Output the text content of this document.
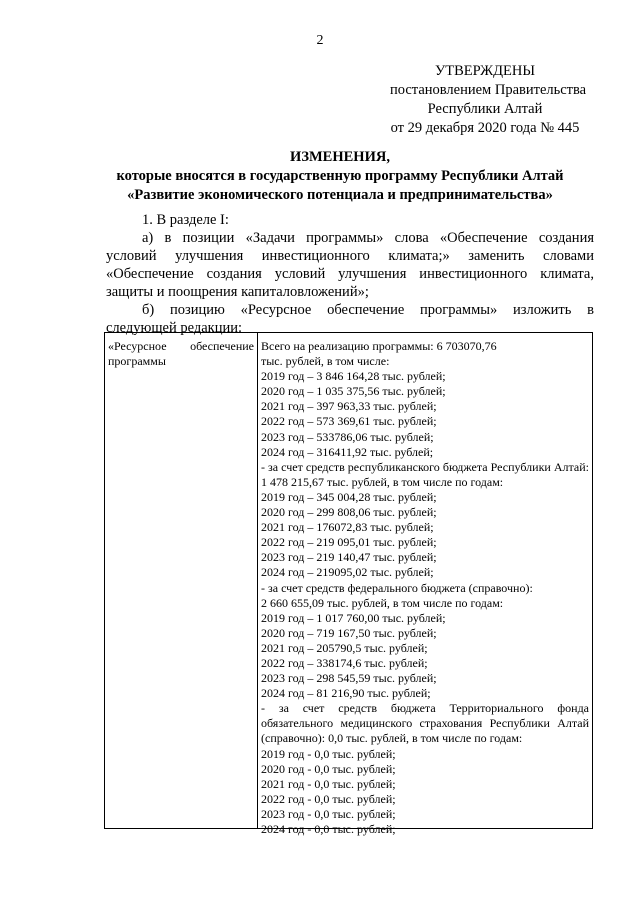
2
УТВЕРЖДЕНЫ
постановлением Правительства
Республики Алтай
от 29 декабря 2020 года № 445
ИЗМЕНЕНИЯ,
которые вносятся в государственную программу Республики Алтай
«Развитие экономического потенциала и предпринимательства»

1. В разделе I:

а) в позиции «Задачи программы» слова «Обеспечение создания условий улучшения инвестиционного климата;» заменить словами «Обеспечение создания условий улучшения инвестиционного климата, защиты и поощрения капиталовложений»;

б) позицию «Ресурсное обеспечение программы» изложить в следующей редакции:

«Ресурсное обеспечение программы
Всего на реализацию программы: 6 703070,76
тыс. рублей, в том числе:
2019 год – 3 846 164,28 тыс. рублей;
2020 год – 1 035 375,56 тыс. рублей;
2021 год – 397 963,33 тыс. рублей;
2022 год – 573 369,61 тыс. рублей;
2023 год – 533786,06 тыс. рублей;
2024 год – 316411,92 тыс. рублей;
- за счет средств республиканского бюджета Республики Алтай: 1 478 215,67 тыс. рублей, в том числе по годам:
2019 год – 345 004,28 тыс. рублей;
2020 год – 299 808,06 тыс. рублей;
2021 год – 176072,83 тыс. рублей;
2022 год – 219 095,01 тыс. рублей;
2023 год – 219 140,47 тыс. рублей;
2024 год – 219095,02 тыс. рублей;
- за счет средств федерального бюджета (справочно):
2 660 655,09 тыс. рублей, в том числе по годам:
2019 год – 1 017 760,00 тыс. рублей;
2020 год – 719 167,50 тыс. рублей;
2021 год – 205790,5 тыс. рублей;
2022 год – 338174,6 тыс. рублей;
2023 год – 298 545,59 тыс. рублей;
2024 год – 81 216,90 тыс. рублей;
- за счет средств бюджета Территориального фонда обязательного медицинского страхования Республики Алтай (справочно): 0,0 тыс. рублей, в том числе по годам:
2019 год - 0,0 тыс. рублей;
2020 год - 0,0 тыс. рублей;
2021 год - 0,0 тыс. рублей;
2022 год - 0,0 тыс. рублей;
2023 год - 0,0 тыс. рублей;
2024 год - 0,0 тыс. рублей;
